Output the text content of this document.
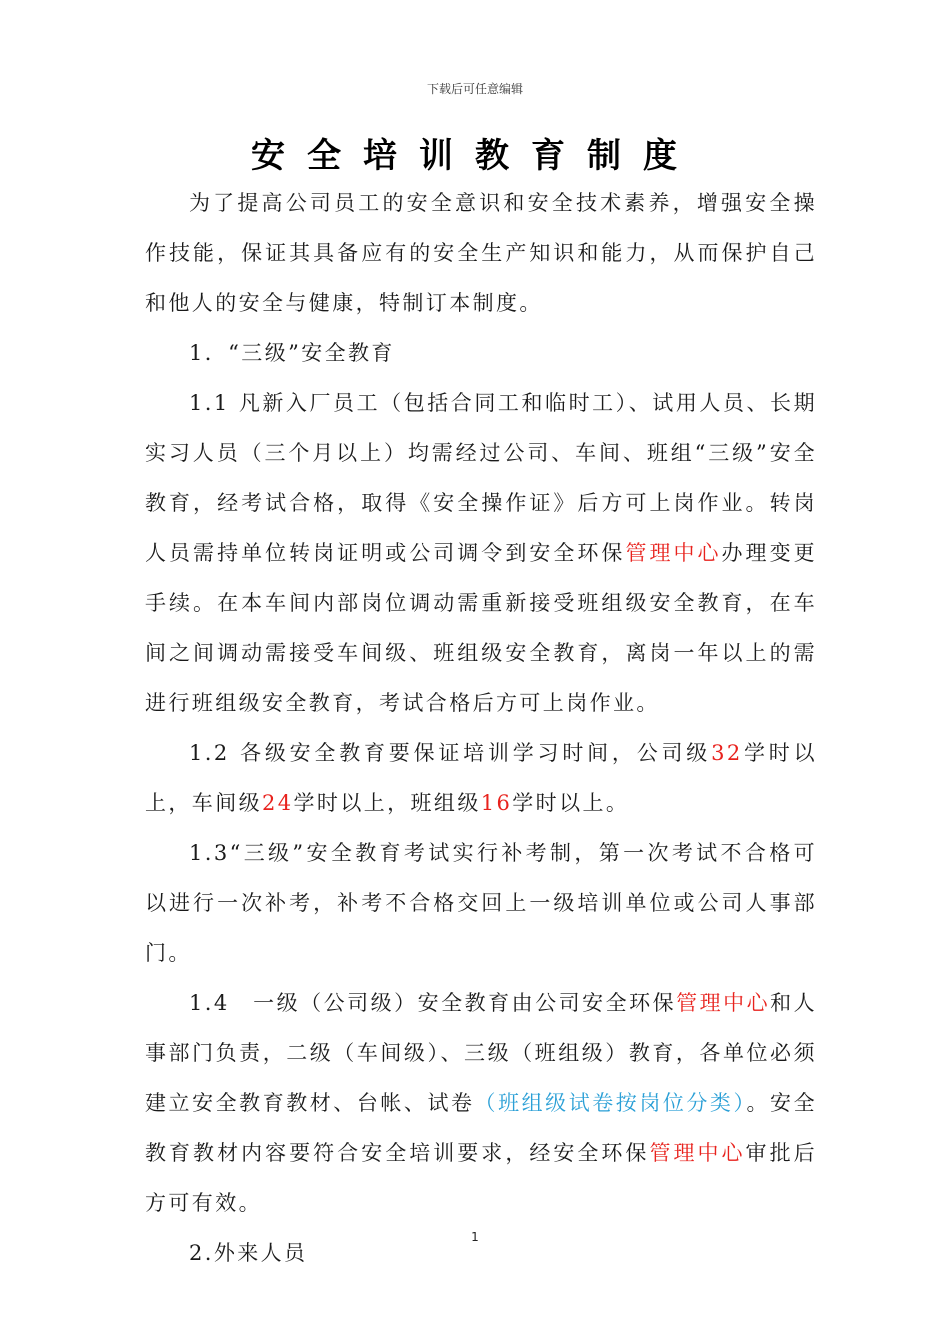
下载后可任意编辑
安全培训教育制度

为了提高公司员工的安全意识和安全技术素养，增强安全操作技能，保证其具备应有的安全生产知识和能力，从而保护自己和他人的安全与健康，特制订本制度。

1．“三级”安全教育

1.1 凡新入厂员工（包括合同工和临时工）、试用人员、长期实习人员（三个月以上）均需经过公司、车间、班组“三级”安全教育，经考试合格，取得《安全操作证》后方可上岗作业。转岗人员需持单位转岗证明或公司调令到安全环保管理中心办理变更手续。在本车间内部岗位调动需重新接受班组级安全教育，在车间之间调动需接受车间级、班组级安全教育，离岗一年以上的需进行班组级安全教育，考试合格后方可上岗作业。

1.2 各级安全教育要保证培训学习时间，公司级32学时以上，车间级24学时以上，班组级16学时以上。

1.3“三级”安全教育考试实行补考制，第一次考试不合格可以进行一次补考，补考不合格交回上一级培训单位或公司人事部门。

1.4　一级（公司级）安全教育由公司安全环保管理中心和人事部门负责，二级（车间级）、三级（班组级）教育，各单位必须建立安全教育教材、台帐、试卷（班组级试卷按岗位分类）。安全教育教材内容要符合安全培训要求，经安全环保管理中心审批后方可有效。

2.外来人员

1
